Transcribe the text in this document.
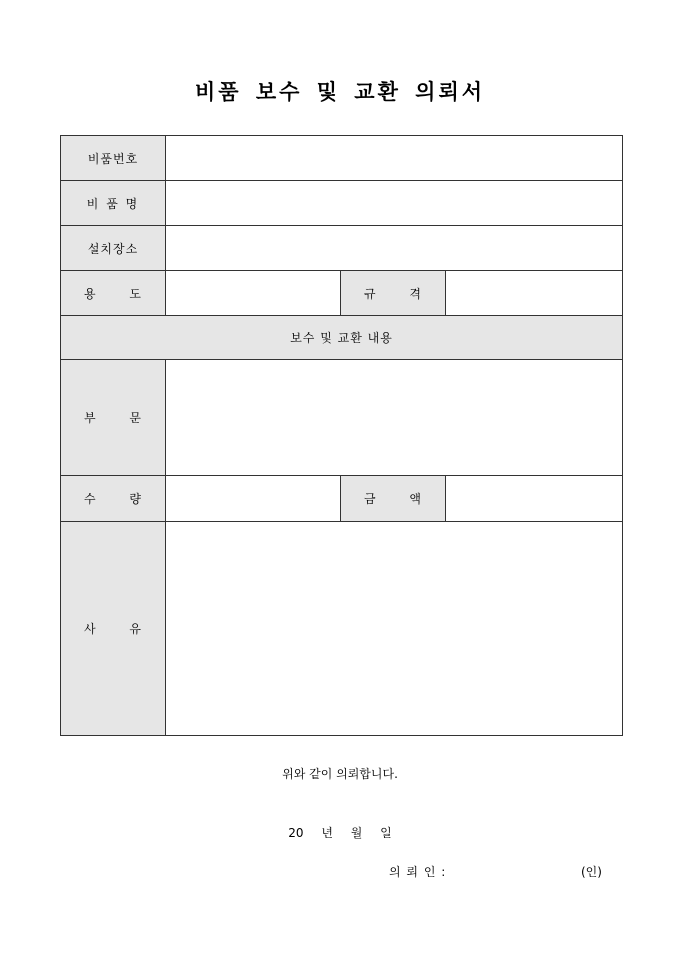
비품 보수 및 교환 의뢰서
비품번호			
비 품 명			
설치장소			
용 도		규 격	
보수 및 교환 내용			
부 문			
수 량		금 액	
사 유			
위와 같이 의뢰합니다.
20 년 월 일
의 뢰 인 :	(인)
